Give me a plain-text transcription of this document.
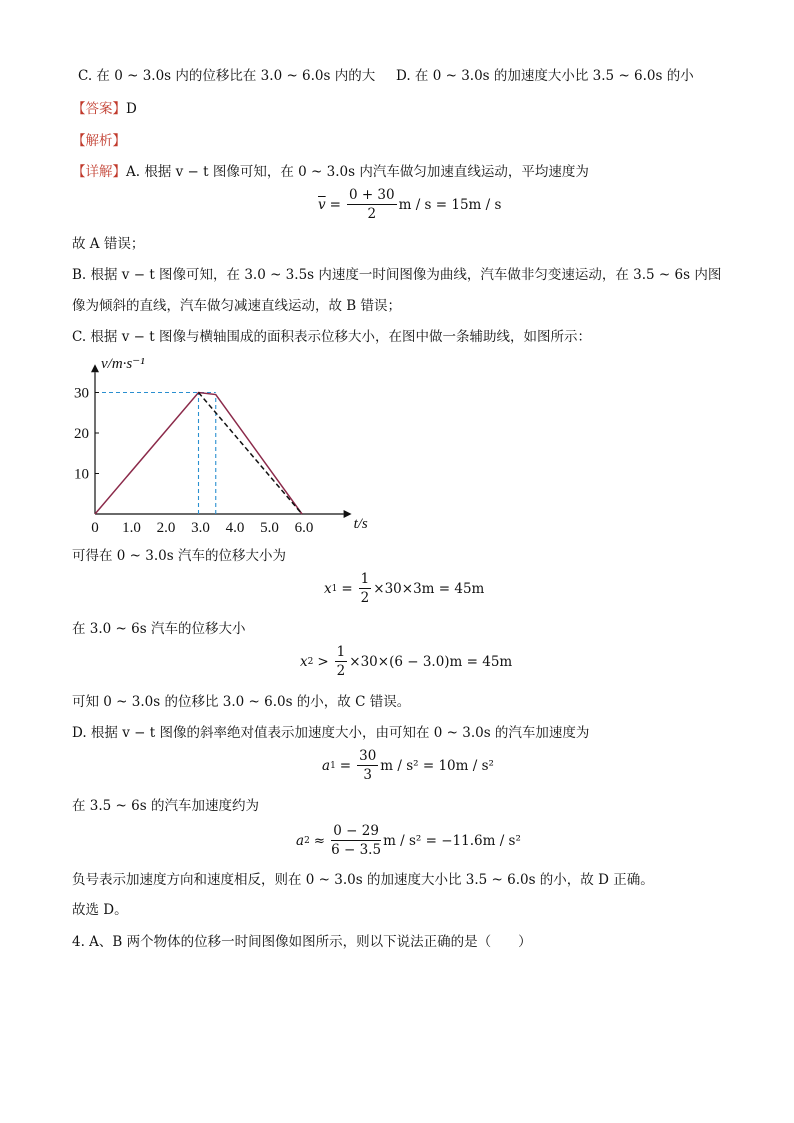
C. 在 0 ~ 3.0s 内的位移比在 3.0 ~ 6.0s 内的大 D. 在 0 ~ 3.0s 的加速度大小比 3.5 ~ 6.0s 的小
【答案】D
【解析】
【详解】A. 根据 v − t 图像可知，在 0 ~ 3.0s 内汽车做匀加速直线运动，平均速度为
$\overline{v} = \frac{0 + 30}{2}$ m / s = 15m / s
故 A 错误；
B. 根据 v − t 图像可知，在 3.0 ~ 3.5s 内速度一时间图像为曲线，汽车做非匀变速运动，在 3.5 ~ 6s 内图
像为倾斜的直线，汽车做匀减速直线运动，故 B 错误；
C. 根据 v − t 图像与横轴围成的面积表示位移大小，在图中做一条辅助线，如图所示：
0 1.0 2.0 3.0 4.0 5.0 6.0
10
20
30
v/m·s⁻¹
t/s
可得在 0 ~ 3.0s 汽车的位移大小为
x $1 = \frac{1}{2} \times 30\times 3m = 45m$
在 3.0 ~ 6s 汽车的位移大小
x $2 > \frac{1}{2} \times 30\times(6 - 3.0)m = 45m$
可知 0 ~ 3.0s 的位移比 3.0 ~ 6.0s 的小，故 C 错误。
D. 根据 v − t 图像的斜率绝对值表示加速度大小，由可知在 0 ~ 3.0s 的汽车加速度为
a $1 = \frac{30}{3}$ m / s² = 10m / s²
在 3.5 ~ 6s 的汽车加速度约为
a $2 \approx \frac{0 - 29}{6 - 3.5}$ m / s² = −11.6m / s²
负号表示加速度方向和速度相反，则在 0 ~ 3.0s 的加速度大小比 3.5 ~ 6.0s 的小，故 D 正确。
故选 D。
4. A、B 两个物体的位移一时间图像如图所示，则以下说法正确的是（　　）
